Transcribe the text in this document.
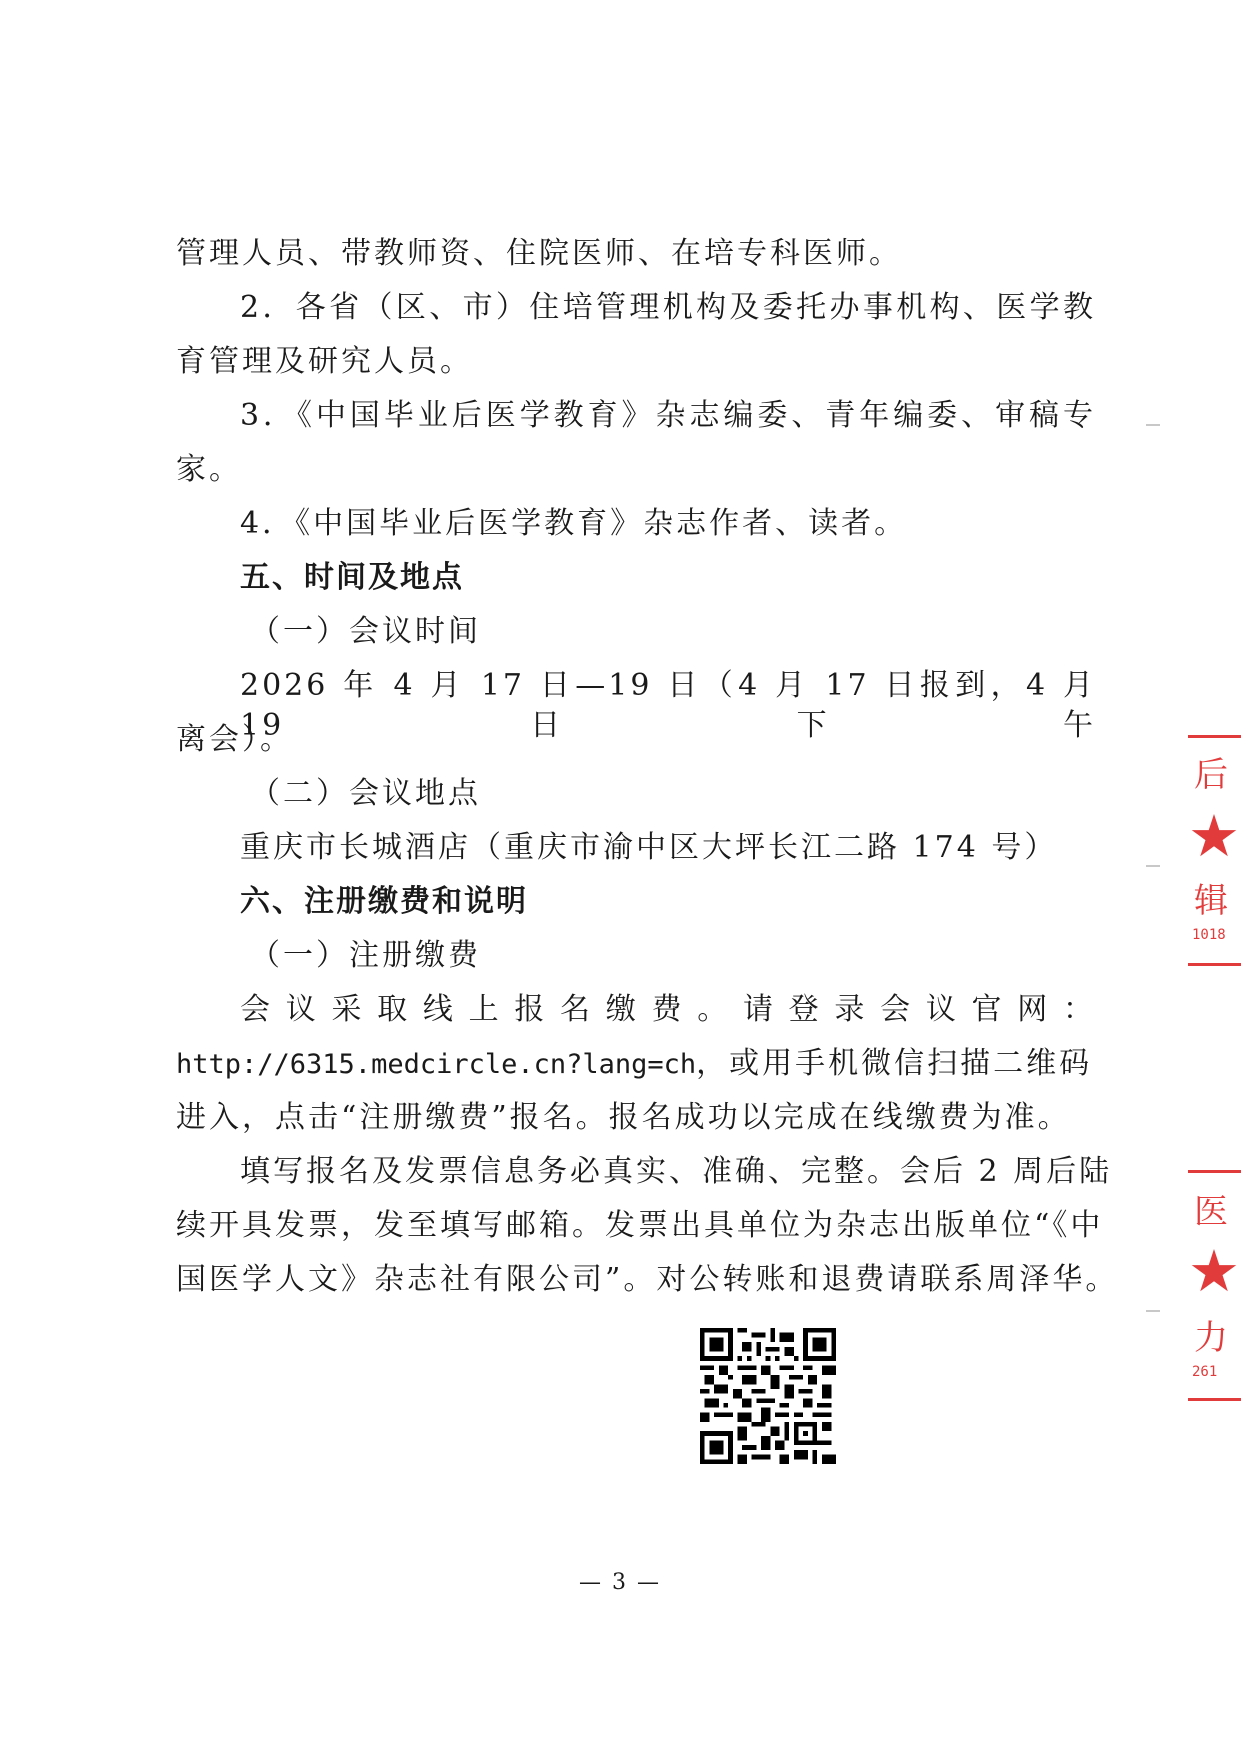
管理人员、带教师资、住院医师、在培专科医师。
2．各省（区、市）住培管理机构及委托办事机构、医学教
育管理及研究人员。
3．《中国毕业后医学教育》杂志编委、青年编委、审稿专
家。
4．《中国毕业后医学教育》杂志作者、读者。
五、时间及地点
（一）会议时间
2026 年 4 月 17 日—19 日（4 月 17 日报到，4 月 19 日下午
离会）。
（二）会议地点
重庆市长城酒店（重庆市渝中区大坪长江二路 174 号）
六、注册缴费和说明
（一）注册缴费
会议采取线上报名缴费。请登录会议官网：
http://6315.medcircle.cn?lang=ch，或用手机微信扫描二维码
进入，点击“注册缴费”报名。报名成功以完成在线缴费为准。
填写报名及发票信息务必真实、准确、完整。会后 2 周后陆
续开具发票，发至填写邮箱。发票出具单位为杂志出版单位“《中
国医学人文》杂志社有限公司”。对公转账和退费请联系周泽华。
— 3 —
后
★
辑
1018
医
★
力
261
